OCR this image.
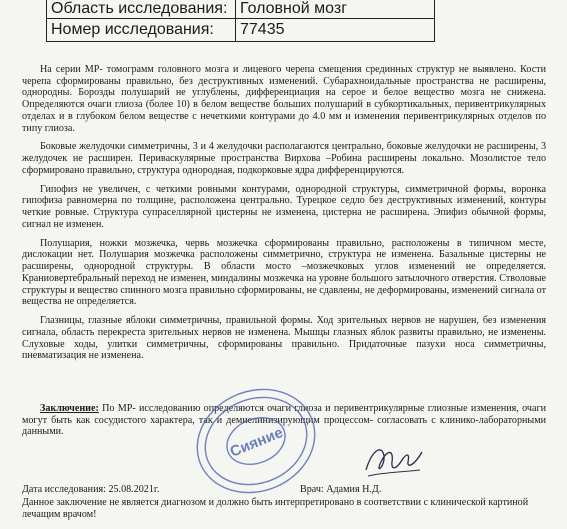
Область исследования:	Головной мозг
Номер исследования:	77435

На серии МР- томограмм головного мозга и лицевого черепа смещения срединных структур не выявлено. Кости черепа сформированы правильно, без деструктивных изменений. Субарахноидальные пространства не расширены, однородны. Борозды полушарий не углублены, дифференциация на серое и белое вещество мозга не снижена. Определяются очаги глиоза (более 10) в белом веществе больших полушарий в субкортикальных, перивентрикулярных отделах и в глубоком белом веществе с нечеткими контурами до 4.0 мм и изменения перивентрикулярных отделов по типу глиоза.

Боковые желудочки симметричны, 3 и 4 желудочки располагаются центрально, боковые желудочки не расширены, 3 желудочек не расширен. Периваскулярные пространства Вирхова –Робина расширены локально. Мозолистое тело сформировано правильно, структура однородная, подкорковые ядра дифференцируются.

Гипофиз не увеличен, с четкими ровными контурами, однородной структуры, симметричной формы, воронка гипофиза равномерна по толщине, расположена центрально. Турецкое седло без деструктивных изменений, контуры четкие ровные. Структура супраселлярной цистерны не изменена, цистерна не расширена. Эпифиз обычной формы, сигнал не изменен.

Полушария, ножки мозжечка, червь мозжечка сформированы правильно, расположены в типичном месте, дислокации нет. Полушария мозжечка расположены симметрично, структура не изменена. Базальные цистерны не расширены, однородной структуры. В области мосто –мозжечковых углов изменений не определяется. Краниовертебральный переход не изменен, миндалины мозжечка на уровне большого затылочного отверстия. Стволовые структуры и вещество спинного мозга правильно сформированы, не сдавлены, не деформированы, изменений сигнала от вещества не определяется.

Глазницы, глазные яблоки симметричны, правильной формы. Ход зрительных нервов не нарушен, без изменения сигнала, область перекреста зрительных нервов не изменена. Мышцы глазных яблок развиты правильно, не изменены. Слуховые ходы, улитки симметричны, сформированы правильно. Придаточные пазухи носа симметричны, пневматизация не изменена.

Заключение: По МР- исследованию определяются очаги глиоза и перивентрикулярные глиозные изменения, очаги могут быть как сосудистого характера, так и демиелинизирующим процессом- согласовать с клинико-лабораторными данными.	Сияние
Дата исследования: 25.08.2021г.	Врач: Адамия Н.Д.
Данное заключение не является диагнозом и должно быть интерпретировано в соответствии с клинической картиной лечащим врачом!
